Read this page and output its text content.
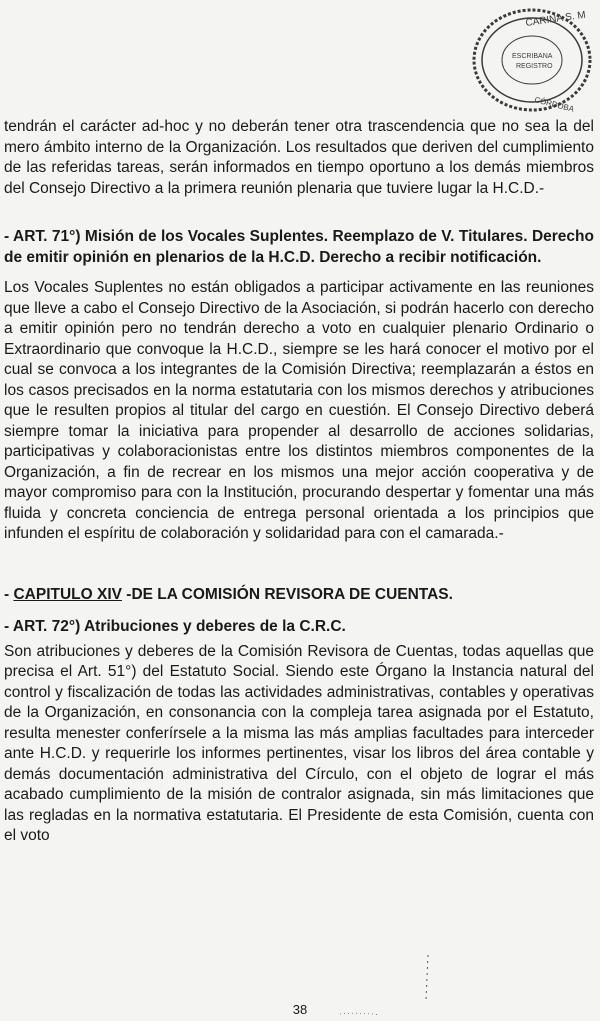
CARINA S. M
ESCRIBANA
REGISTRO
CÓRDOBA

tendrán el carácter ad-hoc y no deberán tener otra trascendencia que no sea la del mero ámbito interno de la Organización. Los resultados que deriven del cumplimiento de las referidas tareas, serán informados en tiempo oportuno a los demás miembros del Consejo Directivo a la primera reunión plenaria que tuviere lugar la H.C.D.-

- ART. 71°) Misión de los Vocales Suplentes. Reemplazo de V. Titulares. Derecho de emitir opinión en plenarios de la H.C.D. Derecho a recibir notificación.

Los Vocales Suplentes no están obligados a participar activamente en las reuniones que lleve a cabo el Consejo Directivo de la Asociación, si podrán hacerlo con derecho a emitir opinión pero no tendrán derecho a voto en cualquier plenario Ordinario o Extraordinario que convoque la H.C.D., siempre se les hará conocer el motivo por el cual se convoca a los integrantes de la Comisión Directiva; reemplazarán a éstos en los casos precisados en la norma estatutaria con los mismos derechos y atribuciones que le resulten propios al titular del cargo en cuestión. El Consejo Directivo deberá siempre tomar la iniciativa para propender al desarrollo de acciones solidarias, participativas y colaboracionistas entre los distintos miembros componentes de la Organización, a fin de recrear en los mismos una mejor acción cooperativa y de mayor compromiso para con la Institución, procurando despertar y fomentar una más fluida y concreta conciencia de entrega personal orientada a los principios que infunden el espíritu de colaboración y solidaridad para con el camarada.-

- CAPITULO XIV -DE LA COMISIÓN REVISORA DE CUENTAS.

- ART. 72°) Atribuciones y deberes de la C.R.C.

Son atribuciones y deberes de la Comisión Revisora de Cuentas, todas aquellas que precisa el Art. 51°) del Estatuto Social. Siendo este Órgano la Instancia natural del control y fiscalización de todas las actividades administrativas, contables y operativas de la Organización, en consonancia con la compleja tarea asignada por el Estatuto, resulta menester conferírsele a la misma las más amplias facultades para interceder ante H.C.D. y requerirle los informes pertinentes, visar los libros del área contable y demás documentación administrativa del Círculo, con el objeto de lograr el más acabado cumplimiento de la misión de contralor asignada, sin más limitaciones que las regladas en la normativa estatutaria. El Presidente de esta Comisión, cuenta con el voto

38
